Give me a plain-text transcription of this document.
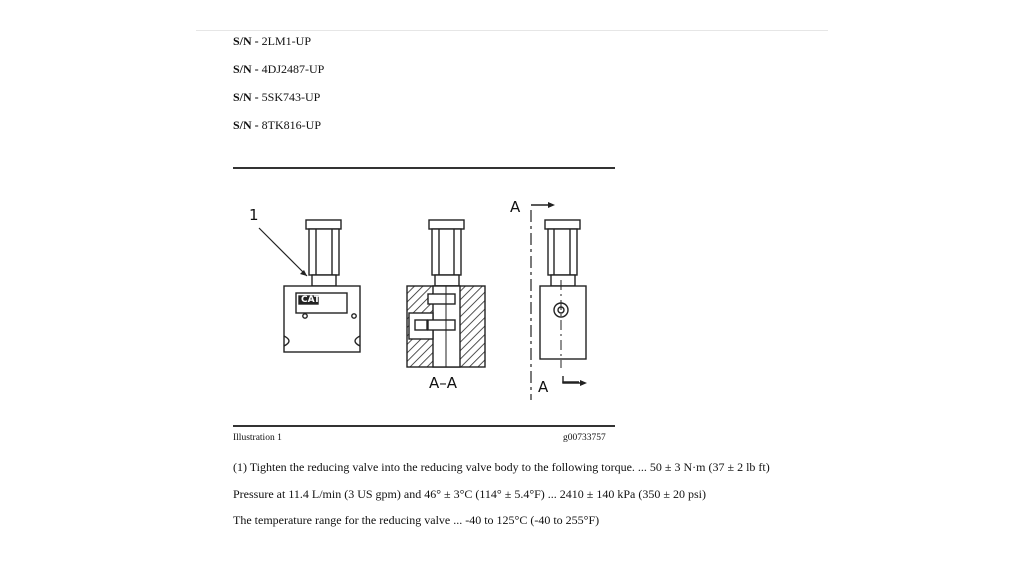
S/N - 2LM1-UP
S/N - 4DJ2487-UP
S/N - 5SK743-UP
S/N - 8TK816-UP
1
CAT
A–A
A
A
Illustration 1	g00733757
(1) Tighten the reducing valve into the reducing valve body to the following torque. ... 50 ± 3 N·m (37 ± 2 lb ft)
Pressure at 11.4 L/min (3 US gpm) and 46° ± 3°C (114° ± 5.4°F) ... 2410 ± 140 kPa (350 ± 20 psi)
The temperature range for the reducing valve ... -40 to 125°C (-40 to 255°F)
